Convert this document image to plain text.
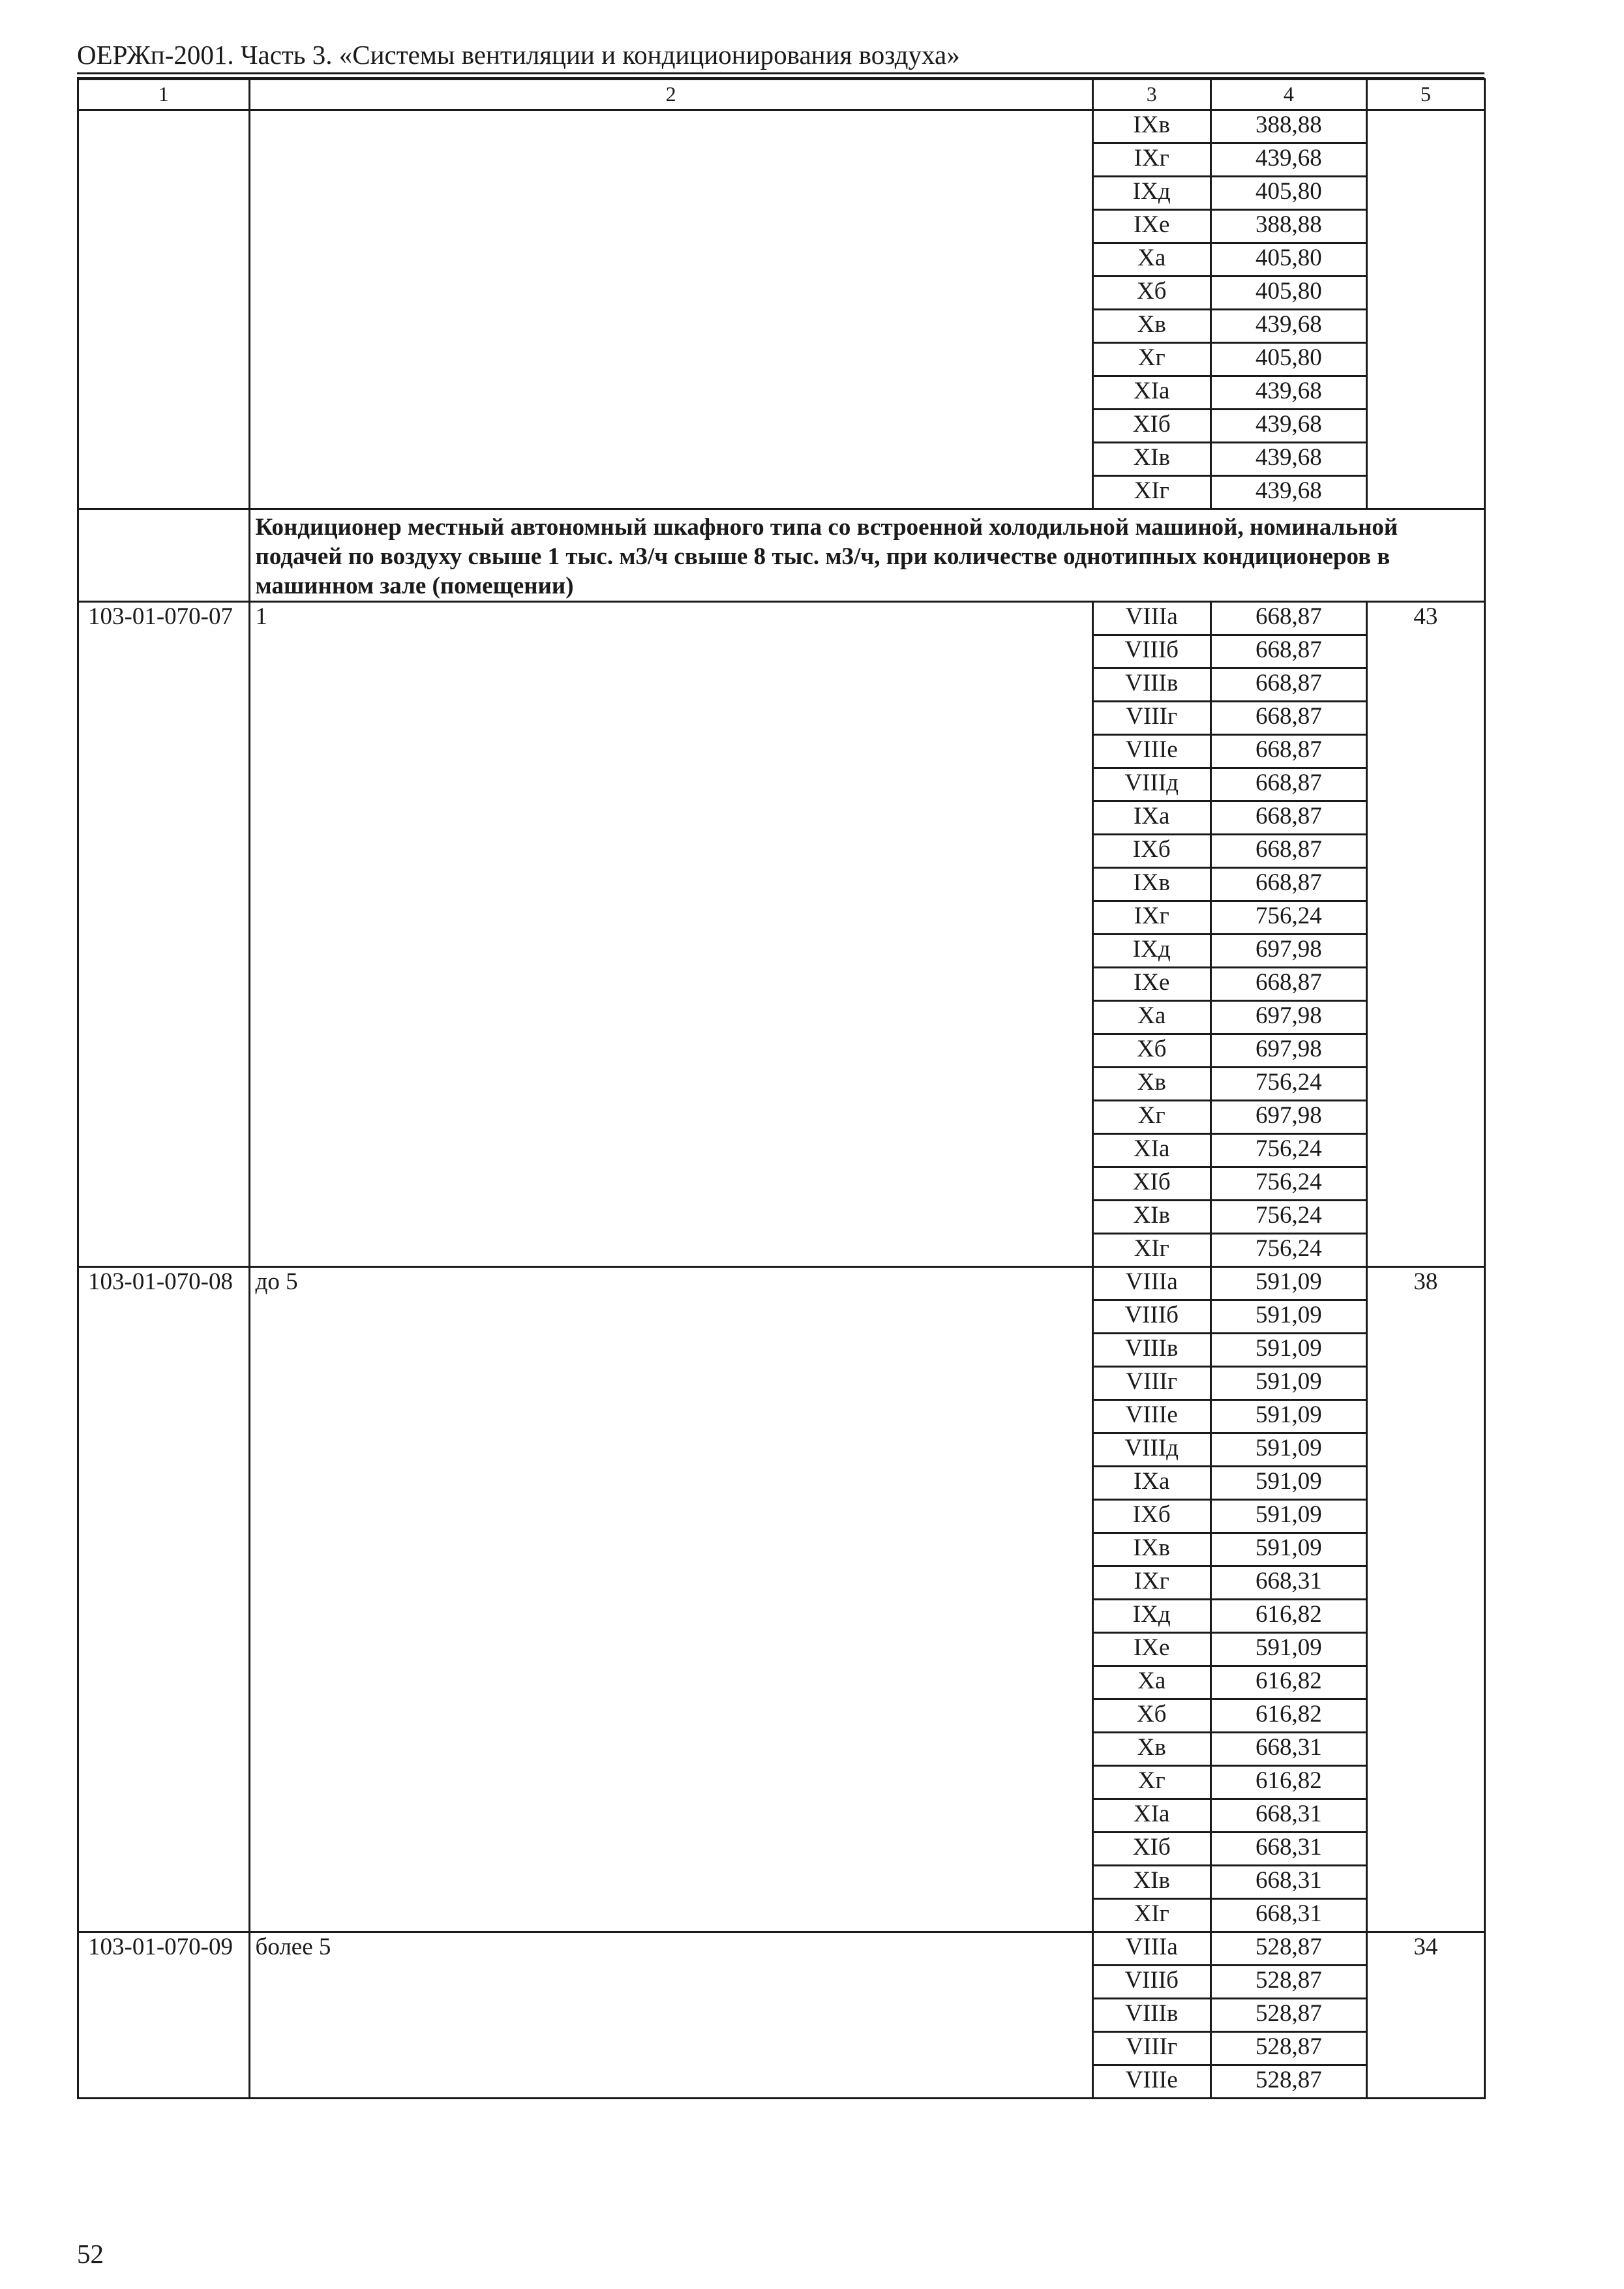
ОЕРЖп-2001. Часть 3. «Системы вентиляции и кондиционирования воздуха»
1	2	3	4	5
		IXв	388,88	
		IXг	439,68	
		IXд	405,80	
		IXе	388,88	
		Xа	405,80	
		Xб	405,80	
		Xв	439,68	
		Xг	405,80	
		XIа	439,68	
		XIб	439,68	
		XIв	439,68	
		XIг	439,68	
	Кондиционер местный автономный шкафного типа со встроенной холодильной машиной, номинальной подачей по воздуху свыше 1 тыс. м3/ч свыше 8 тыс. м3/ч, при количестве однотипных кондиционеров в машинном зале (помещении)			
103-01-070-07	1	VIIIа	668,87	43
		VIIIб	668,87	
		VIIIв	668,87	
		VIIIг	668,87	
		VIIIе	668,87	
		VIIIд	668,87	
		IXа	668,87	
		IXб	668,87	
		IXв	668,87	
		IXг	756,24	
		IXд	697,98	
		IXе	668,87	
		Xа	697,98	
		Xб	697,98	
		Xв	756,24	
		Xг	697,98	
		XIа	756,24	
		XIб	756,24	
		XIв	756,24	
		XIг	756,24	
103-01-070-08	до 5	VIIIа	591,09	38
		VIIIб	591,09	
		VIIIв	591,09	
		VIIIг	591,09	
		VIIIе	591,09	
		VIIIд	591,09	
		IXа	591,09	
		IXб	591,09	
		IXв	591,09	
		IXг	668,31	
		IXд	616,82	
		IXе	591,09	
		Xа	616,82	
		Xб	616,82	
		Xв	668,31	
		Xг	616,82	
		XIа	668,31	
		XIб	668,31	
		XIв	668,31	
		XIг	668,31	
103-01-070-09	более 5	VIIIа	528,87	34
		VIIIб	528,87	
		VIIIв	528,87	
		VIIIг	528,87	
		VIIIе	528,87	
52
